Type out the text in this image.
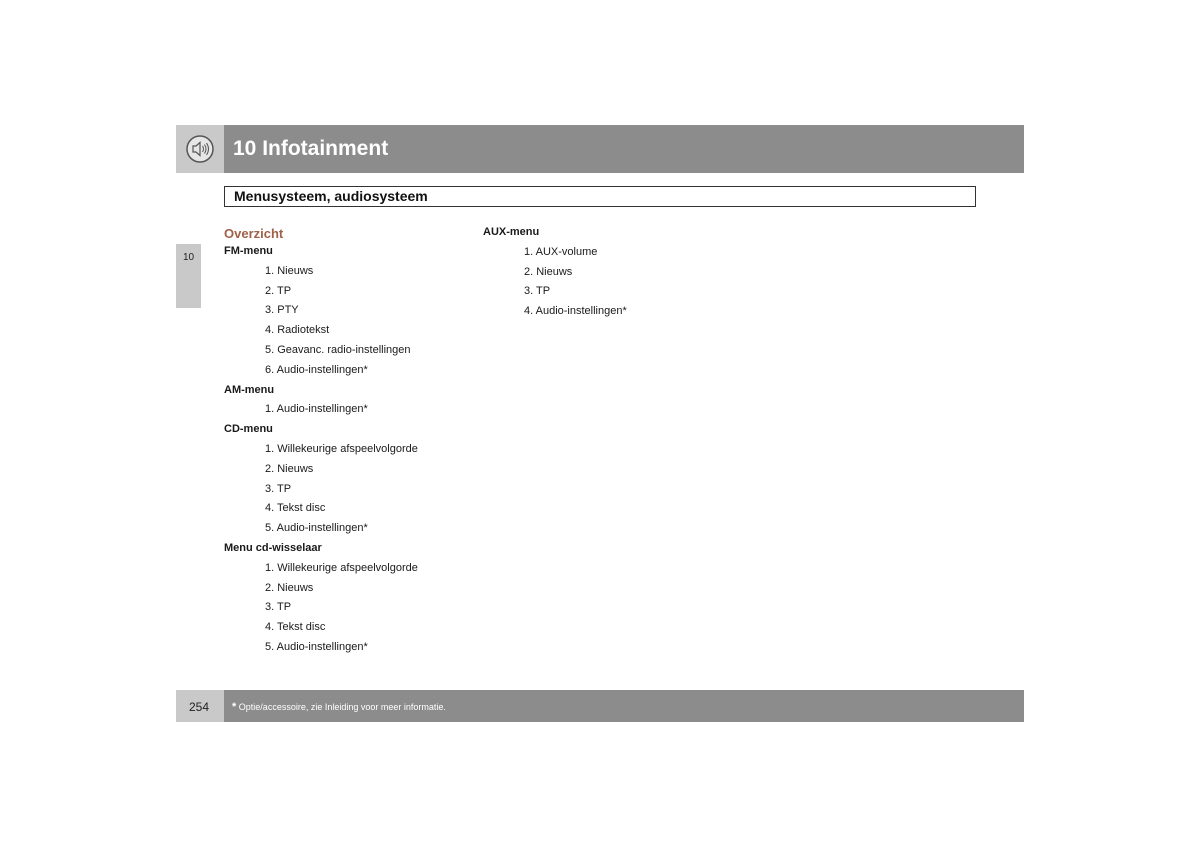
10 Infotainment
Menusysteem, audiosysteem
10
Overzicht
FM-menu
1. Nieuws
2. TP
3. PTY
4. Radiotekst
5. Geavanc. radio-instellingen
6. Audio-instellingen*
AM-menu
1. Audio-instellingen*
CD-menu
1. Willekeurige afspeelvolgorde
2. Nieuws
3. TP
4. Tekst disc
5. Audio-instellingen*
Menu cd-wisselaar
1. Willekeurige afspeelvolgorde
2. Nieuws
3. TP
4. Tekst disc
5. Audio-instellingen*
AUX-menu
1. AUX-volume
2. Nieuws
3. TP
4. Audio-instellingen*
254 * Optie/accessoire, zie Inleiding voor meer informatie.
